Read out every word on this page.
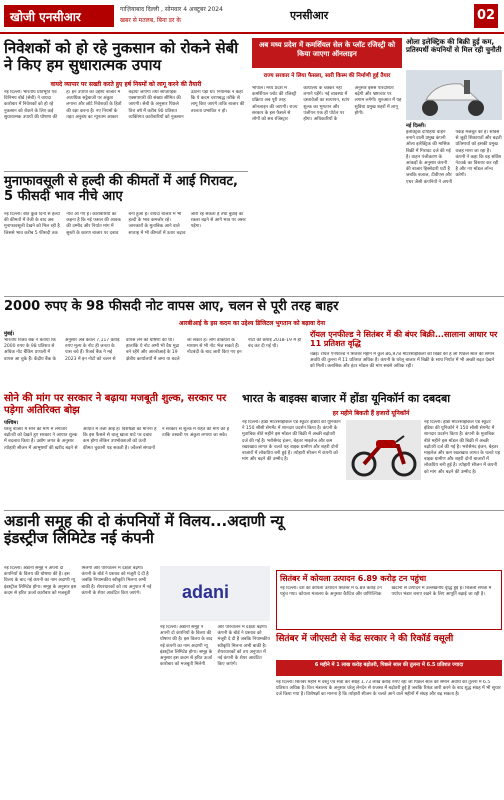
खोजी एनसीआर
गाज़ियाबाद दिल्ली , सोमवार 4 अक्टूबर 2024
खबर से मतलब, बिना डर के	एनसीआर	02
निवेशकों को हो रहे नुकसान को रोकने सेबी ने किए हम सुधारात्मक उपाय
वायदे व्यापार पर सख्ती करते हुए हर्ष नियमों को लागू करने की तैयारी
नई दिल्ली। भारतीय प्रतिभूति एवं विनिमय बोर्ड (सेबी) ने वायदा कारोबार में निवेशकों को हो रहे नुकसान को रोकने के लिए कई सुधारात्मक उपायों की घोषणा की है। इन उपायों का उद्देश्य बाजार में अत्यधिक सट्टेबाजी पर अंकुश लगाना और छोटे निवेशकों के हितों की रक्षा करना है। नए नियमों के तहत अनुबंध का न्यूनतम आकार बढ़ाया जाएगा तथा साप्ताहिक एक्सपायरी की संख्या सीमित की जाएगी। सेबी के अनुसार पिछले वित्त वर्ष में करीब 90 प्रतिशत व्यक्तिगत कारोबारियों को नुकसान उठाना पड़ा था। नियामक ने कहा कि ये कदम चरणबद्ध तरीके से लागू किए जाएंगे ताकि बाजार की तरलता प्रभावित न हो।
मुनाफावसूली से हल्दी की कीमतों में आई गिरावट, 5 फीसदी भाव नीचे आए
नई दिल्ली। बीते कुछ दिनों से हल्दी की कीमतों में तेजी के बाद अब मुनाफावसूली देखने को मिल रही है जिससे भाव करीब 5 फीसदी तक नीचे आ गए हैं। कारोबारियों का कहना है कि नई फसल की आवक की उम्मीद और निर्यात मांग में सुस्ती के कारण बाजार पर दबाव बना हुआ है। वायदा बाजार में भी हल्दी के भाव कमजोर रहे। जानकारों के मुताबिक आने वाले सप्ताह में भी कीमतों में उतार चढ़ाव जारी रह सकता है तथा बुवाई का रकबा बढ़ने से आगे भाव पर असर पड़ेगा।
2000 रुपए के 98 फीसदी नोट वापस आए, चलन से पूरी तरह बाहर
आरबीआई के इस कदम का उद्देश्य डिजिटल भुगतान को बढ़ावा देना
मुंबई।
भारतीय रिजर्व बैंक ने बताया कि 2000 रुपए के 98 प्रतिशत से अधिक नोट बैंकिंग प्रणाली में वापस आ चुके हैं। केंद्रीय बैंक के अनुसार अब केवल 7,117 करोड़ रुपए मूल्य के नोट ही जनता के पास बचे हैं। रिजर्व बैंक ने मई 2023 में इन नोटों को चलन से वापस लेने की घोषणा की थी। हालांकि ये नोट अभी भी वैध मुद्रा बने रहेंगे और आरबीआई के 19 क्षेत्रीय कार्यालयों में जमा या बदले जा सकते हैं। लोग डाकघरों के माध्यम से भी नोट भेज सकते हैं। नोटबंदी के बाद जारी किए गए इन नोटों की छपाई 2018-19 में ही बंद कर दी गई थी।
सोने की मांग पर सरकार ने बढ़ाया मजबूती शुल्क, सरकार पर पड़ेगा अतिरिक्त बोझ
पश्चिम।
घरेलू बाजार में सोने की मांग में लगातार बढ़ोतरी को देखते हुए सरकार ने आयात शुल्क में बदलाव किया है। उद्योग जगत के अनुसार त्योहारी सीजन में आभूषणों की खरीद बढ़ने से आयात में तेजी आई है। विशेषज्ञों का मानना है कि इस फैसले से चालू खाता घाटे पर दबाव कम होगा लेकिन उपभोक्ताओं को ऊंची कीमत चुकानी पड़ सकती है। ज्वैलर्स संगठनों ने सरकार से शुल्क में राहत की मांग की है ताकि तस्करी पर अंकुश लगाया जा सके।
भारत के बाइक्स बाजार में होंडा यूनिकॉर्न का दबदबा
हर महीने बिकती हैं हजारों यूनिकॉर्न
नई दिल्ली। होंडा मोटरसाइकिल एंड स्कूटर इंडिया की यूनिकॉर्न ने 150 सीसी सेगमेंट में शानदार प्रदर्शन किया है। कंपनी के मुताबिक बीते महीने इस मॉडल की बिक्री में अच्छी बढ़ोतरी दर्ज की गई है। भरोसेमंद इंजन, बेहतर माइलेज और कम रखरखाव लागत के चलते यह बाइक ग्रामीण और शहरी दोनों बाजारों में लोकप्रिय बनी हुई है। त्योहारी सीजन में कंपनी को मांग और बढ़ने की उम्मीद है।
नई दिल्ली। होंडा मोटरसाइकिल एंड स्कूटर इंडिया की यूनिकॉर्न ने 150 सीसी सेगमेंट में शानदार प्रदर्शन किया है। कंपनी के मुताबिक बीते महीने इस मॉडल की बिक्री में अच्छी बढ़ोतरी दर्ज की गई है। भरोसेमंद इंजन, बेहतर माइलेज और कम रखरखाव लागत के चलते यह बाइक ग्रामीण और शहरी दोनों बाजारों में लोकप्रिय बनी हुई है। त्योहारी सीजन में कंपनी को मांग और बढ़ने की उम्मीद है।
अडानी समूह की दो कंपनियों में विलय...अदाणी न्यू इंडस्ट्रीज लिमिटेड नई कंपनी
नई दिल्ली। अडानी समूह ने अपनी दो कंपनियों के विलय की घोषणा की है। इस विलय के बाद नई कंपनी का नाम अदाणी न्यू इंडस्ट्रीज लिमिटेड होगा। समूह के अनुसार इस कदम से हरित ऊर्जा कारोबार को मजबूती मिलेगी और परिचालन में दक्षता बढ़ेगी। कंपनी के बोर्ड ने प्रस्ताव को मंजूरी दे दी है जबकि नियामकीय स्वीकृति मिलना अभी बाकी है। शेयरधारकों को तय अनुपात में नई कंपनी के शेयर आवंटित किए जाएंगे।	adani
नई दिल्ली। अडानी समूह ने अपनी दो कंपनियों के विलय की घोषणा की है। इस विलय के बाद नई कंपनी का नाम अदाणी न्यू इंडस्ट्रीज लिमिटेड होगा। समूह के अनुसार इस कदम से हरित ऊर्जा कारोबार को मजबूती मिलेगी और परिचालन में दक्षता बढ़ेगी। कंपनी के बोर्ड ने प्रस्ताव को मंजूरी दे दी है जबकि नियामकीय स्वीकृति मिलना अभी बाकी है। शेयरधारकों को तय अनुपात में नई कंपनी के शेयर आवंटित किए जाएंगे।
सितंबर में कोयला उत्पादन 6.89 करोड़ टन पहुंचा
नई दिल्ली। देश का कोयला उत्पादन सितंबर में 6.89 करोड़ टन पहुंच गया। कोयला मंत्रालय के अनुसार कैप्टिव और वाणिज्यिक खदानों से उत्पादन में उल्लेखनीय वृद्धि हुई है। बिजली संयंत्रों में पर्याप्त भंडार बनाए रखने के लिए आपूर्ति बढ़ाई जा रही है।
अब मध्य प्रदेश में कमर्शियल सेल के प्लॉट रजिस्ट्री को किया जाएगा ऑनलाइन
राज्य सरकार ने लिया फैसला, सारी किस्म की निर्माणी हुई तैयार
भोपाल। मध्य प्रदेश में कमर्शियल प्लॉट की रजिस्ट्री प्रक्रिया अब पूरी तरह ऑनलाइन की जाएगी। राज्य सरकार के इस फैसले से लोगों को सब रजिस्ट्रार कार्यालय के चक्कर नहीं लगाने पड़ेंगे। नई व्यवस्था में दस्तावेजों का सत्यापन, स्टांप शुल्क का भुगतान और पंजीयन एक ही पोर्टल पर होगा। अधिकारियों के अनुसार इससे पारदर्शिता बढ़ेगी और भ्रष्टाचार पर लगाम लगेगी। शुरुआत में यह सुविधा प्रमुख शहरों में लागू होगी।
ओला इलेक्ट्रिक की बिक्री हुई कम, प्रतिस्पर्धी कंपनियों से मिल रही चुनौती
नई दिल्ली।
इलेक्ट्रिक दोपहिया वाहन बनाने वाली प्रमुख कंपनी ओला इलेक्ट्रिक की मासिक बिक्री में गिरावट दर्ज की गई है। वाहन पंजीकरण के आंकड़ों के अनुसार कंपनी की बाजार हिस्सेदारी घटी है जबकि बजाज, टीवीएस और एथर जैसी कंपनियों ने अपनी पकड़ मजबूत की है। सर्विस से जुड़ी शिकायतों और बढ़ती प्रतिस्पर्धा को इसकी प्रमुख वजह माना जा रहा है। कंपनी ने कहा कि वह सर्विस नेटवर्क का विस्तार कर रही है और नए मॉडल लॉन्च करेगी।
रॉयल एनफील्ड ने सितंबर में की बंपर बिक्री...सालाना आधार पर 11 प्रतिशत वृद्धि
चेन्नई। रॉयल एनफील्ड ने सितंबर महीने में कुल 86,978 मोटरसाइकिलों की बिक्री की है जो पिछले साल की समान अवधि की तुलना में 11 प्रतिशत अधिक है। कंपनी के घरेलू बाजार में बिक्री के साथ निर्यात में भी अच्छी बढ़त देखने को मिली। क्लासिक और हंटर मॉडल की मांग सबसे अधिक रही।
सितंबर में जीएसटी से केंद्र सरकार ने की रिकॉर्ड वसूली
6 महीने में 1 लाख करोड़ बढ़ोतरी, पिछले साल की तुलना में 6.5 प्रतिशत ज्यादा
नई दिल्ली। सितंबर महीने में वस्तु एवं सेवा कर संग्रह 1.73 लाख करोड़ रुपए रहा जो पिछले साल की समान अवधि की तुलना में 6.5 प्रतिशत अधिक है। वित्त मंत्रालय के अनुसार घरेलू लेनदेन से राजस्व में बढ़ोतरी हुई है जबकि रिफंड जारी करने के बाद शुद्ध संग्रह में भी सुधार दर्ज किया गया है। विशेषज्ञों का मानना है कि त्योहारी सीजन के चलते आने वाले महीनों में संग्रह और बढ़ सकता है।
